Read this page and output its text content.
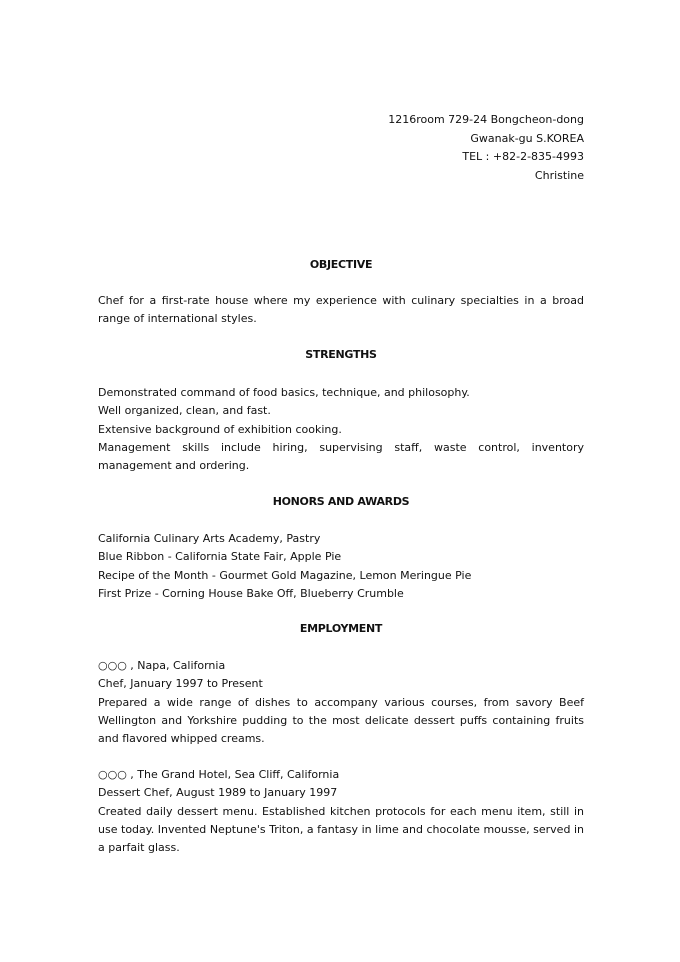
1216room 729-24 Bongcheon-dong
Gwanak-gu S.KOREA
TEL : +82-2-835-4993
Christine
OBJECTIVE
Chef for a first-rate house where my experience with culinary specialties in a broad range of international styles.
STRENGTHS
Demonstrated command of food basics, technique, and philosophy.
Well organized, clean, and fast.
Extensive background of exhibition cooking.
Management skills include hiring, supervising staff, waste control, inventory management and ordering.
HONORS AND AWARDS
California Culinary Arts Academy, Pastry
Blue Ribbon - California State Fair, Apple Pie
Recipe of the Month - Gourmet Gold Magazine, Lemon Meringue Pie
First Prize - Corning House Bake Off, Blueberry Crumble
EMPLOYMENT
○○○ , Napa, California
Chef, January 1997 to Present
Prepared a wide range of dishes to accompany various courses, from savory Beef Wellington and Yorkshire pudding to the most delicate dessert puffs containing fruits and flavored whipped creams.
○○○ , The Grand Hotel, Sea Cliff, California
Dessert Chef, August 1989 to January 1997
Created daily dessert menu. Established kitchen protocols for each menu item, still in use today. Invented Neptune's Triton, a fantasy in lime and chocolate mousse, served in a parfait glass.
